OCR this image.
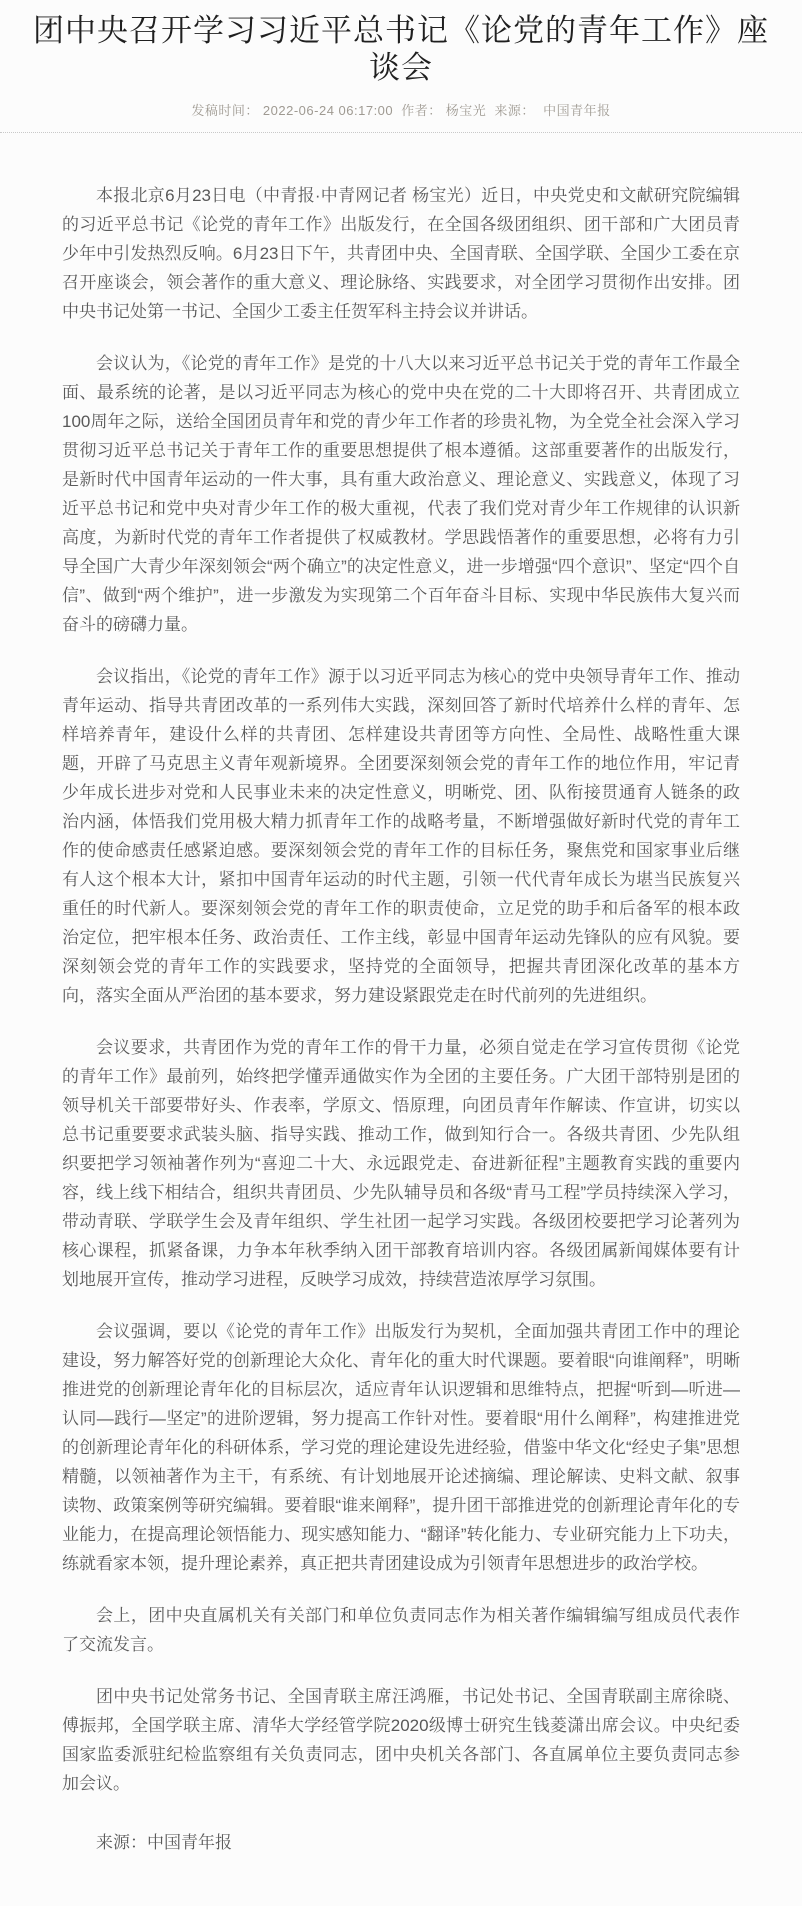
团中央召开学习习近平总书记《论党的青年工作》座谈会
发稿时间： 2022-06-24 06:17:00 作者： 杨宝光 来源： 中国青年报

本报北京6月23日电（中青报·中青网记者 杨宝光）近日，中央党史和文献研究院编辑的习近平总书记《论党的青年工作》出版发行，在全国各级团组织、团干部和广大团员青少年中引发热烈反响。6月23日下午，共青团中央、全国青联、全国学联、全国少工委在京召开座谈会，领会著作的重大意义、理论脉络、实践要求，对全团学习贯彻作出安排。团中央书记处第一书记、全国少工委主任贺军科主持会议并讲话。

会议认为，《论党的青年工作》是党的十八大以来习近平总书记关于党的青年工作最全面、最系统的论著，是以习近平同志为核心的党中央在党的二十大即将召开、共青团成立100周年之际，送给全国团员青年和党的青少年工作者的珍贵礼物，为全党全社会深入学习贯彻习近平总书记关于青年工作的重要思想提供了根本遵循。这部重要著作的出版发行，是新时代中国青年运动的一件大事，具有重大政治意义、理论意义、实践意义，体现了习近平总书记和党中央对青少年工作的极大重视，代表了我们党对青少年工作规律的认识新高度，为新时代党的青年工作者提供了权威教材。学思践悟著作的重要思想，必将有力引导全国广大青少年深刻领会“两个确立”的决定性意义，进一步增强“四个意识”、坚定“四个自信”、做到“两个维护”，进一步激发为实现第二个百年奋斗目标、实现中华民族伟大复兴而奋斗的磅礴力量。

会议指出，《论党的青年工作》源于以习近平同志为核心的党中央领导青年工作、推动青年运动、指导共青团改革的一系列伟大实践，深刻回答了新时代培养什么样的青年、怎样培养青年，建设什么样的共青团、怎样建设共青团等方向性、全局性、战略性重大课题，开辟了马克思主义青年观新境界。全团要深刻领会党的青年工作的地位作用，牢记青少年成长进步对党和人民事业未来的决定性意义，明晰党、团、队衔接贯通育人链条的政治内涵，体悟我们党用极大精力抓青年工作的战略考量，不断增强做好新时代党的青年工作的使命感责任感紧迫感。要深刻领会党的青年工作的目标任务，聚焦党和国家事业后继有人这个根本大计，紧扣中国青年运动的时代主题，引领一代代青年成长为堪当民族复兴重任的时代新人。要深刻领会党的青年工作的职责使命，立足党的助手和后备军的根本政治定位，把牢根本任务、政治责任、工作主线，彰显中国青年运动先锋队的应有风貌。要深刻领会党的青年工作的实践要求，坚持党的全面领导，把握共青团深化改革的基本方向，落实全面从严治团的基本要求，努力建设紧跟党走在时代前列的先进组织。

会议要求，共青团作为党的青年工作的骨干力量，必须自觉走在学习宣传贯彻《论党的青年工作》最前列，始终把学懂弄通做实作为全团的主要任务。广大团干部特别是团的领导机关干部要带好头、作表率，学原文、悟原理，向团员青年作解读、作宣讲，切实以总书记重要要求武装头脑、指导实践、推动工作，做到知行合一。各级共青团、少先队组织要把学习领袖著作列为“喜迎二十大、永远跟党走、奋进新征程”主题教育实践的重要内容，线上线下相结合，组织共青团员、少先队辅导员和各级“青马工程”学员持续深入学习，带动青联、学联学生会及青年组织、学生社团一起学习实践。各级团校要把学习论著列为核心课程，抓紧备课，力争本年秋季纳入团干部教育培训内容。各级团属新闻媒体要有计划地展开宣传，推动学习进程，反映学习成效，持续营造浓厚学习氛围。

会议强调，要以《论党的青年工作》出版发行为契机，全面加强共青团工作中的理论建设，努力解答好党的创新理论大众化、青年化的重大时代课题。要着眼“向谁阐释”，明晰推进党的创新理论青年化的目标层次，适应青年认识逻辑和思维特点，把握“听到—听进—认同—践行—坚定”的进阶逻辑，努力提高工作针对性。要着眼“用什么阐释”，构建推进党的创新理论青年化的科研体系，学习党的理论建设先进经验，借鉴中华文化“经史子集”思想精髓，以领袖著作为主干，有系统、有计划地展开论述摘编、理论解读、史料文献、叙事读物、政策案例等研究编辑。要着眼“谁来阐释”，提升团干部推进党的创新理论青年化的专业能力，在提高理论领悟能力、现实感知能力、“翻译”转化能力、专业研究能力上下功夫，练就看家本领，提升理论素养，真正把共青团建设成为引领青年思想进步的政治学校。

会上，团中央直属机关有关部门和单位负责同志作为相关著作编辑编写组成员代表作了交流发言。

团中央书记处常务书记、全国青联主席汪鸿雁，书记处书记、全国青联副主席徐晓、傅振邦，全国学联主席、清华大学经管学院2020级博士研究生钱菱潇出席会议。中央纪委国家监委派驻纪检监察组有关负责同志，团中央机关各部门、各直属单位主要负责同志参加会议。

来源：中国青年报
